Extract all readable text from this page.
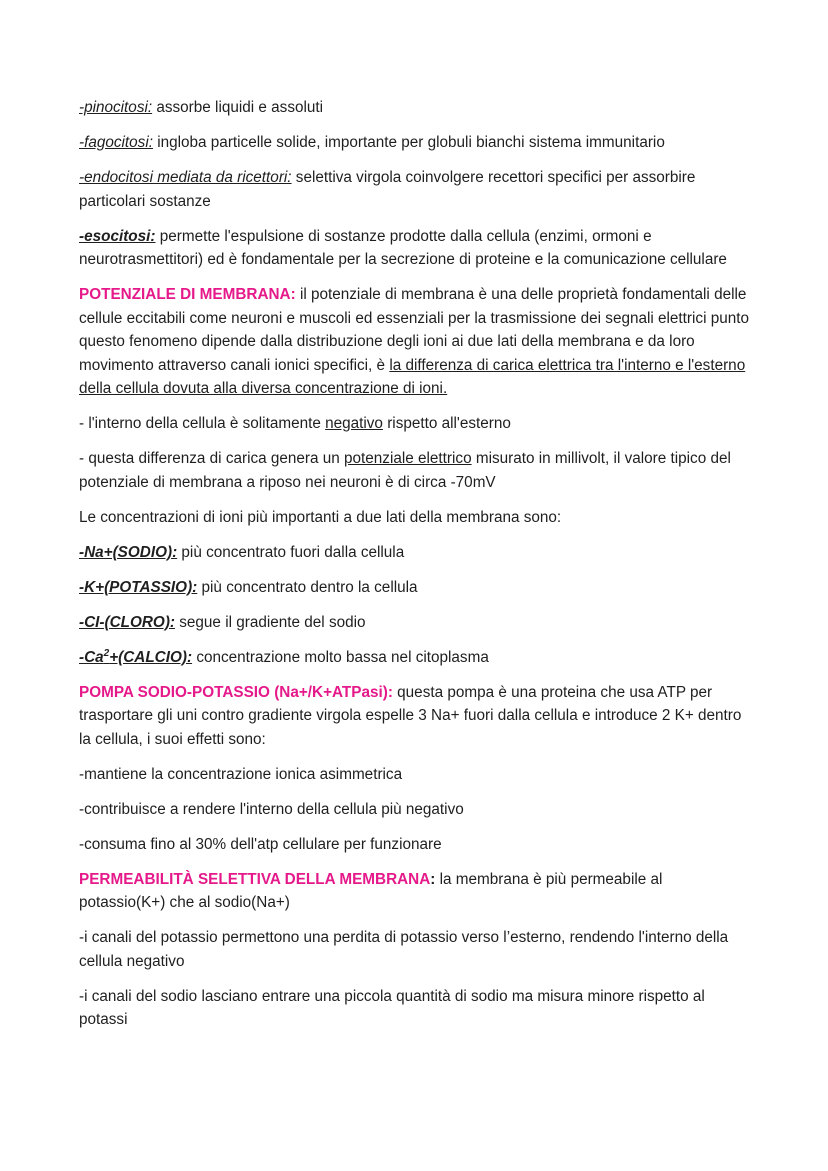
-pinocitosi: assorbe liquidi e assoluti

-fagocitosi: ingloba particelle solide, importante per globuli bianchi sistema immunitario

-endocitosi mediata da ricettori: selettiva virgola coinvolgere recettori specifici per assorbire particolari sostanze

-esocitosi: permette l'espulsione di sostanze prodotte dalla cellula (enzimi, ormoni e neurotrasmettitori) ed è fondamentale per la secrezione di proteine e la comunicazione cellulare

POTENZIALE DI MEMBRANA: il potenziale di membrana è una delle proprietà fondamentali delle cellule eccitabili come neuroni e muscoli ed essenziali per la trasmissione dei segnali elettrici punto questo fenomeno dipende dalla distribuzione degli ioni ai due lati della membrana e da loro movimento attraverso canali ionici specifici, è la differenza di carica elettrica tra l'interno e l'esterno della cellula dovuta alla diversa concentrazione di ioni.

- l'interno della cellula è solitamente negativo rispetto all'esterno

- questa differenza di carica genera un potenziale elettrico misurato in millivolt, il valore tipico del potenziale di membrana a riposo nei neuroni è di circa -70mV

Le concentrazioni di ioni più importanti a due lati della membrana sono:

-Na+(SODIO): più concentrato fuori dalla cellula

-K+(POTASSIO): più concentrato dentro la cellula

-CI-(CLORO): segue il gradiente del sodio

$-Ca^2+(CALCIO)$: concentrazione molto bassa nel citoplasma

POMPA SODIO-POTASSIO (Na+/K+ATPasi): questa pompa è una proteina che usa ATP per trasportare gli uni contro gradiente virgola espelle 3 Na+ fuori dalla cellula e introduce 2 K+ dentro la cellula, i suoi effetti sono:

-mantiene la concentrazione ionica asimmetrica

-contribuisce a rendere l'interno della cellula più negativo

-consuma fino al 30% dell'atp cellulare per funzionare

PERMEABILITÀ SELETTIVA DELLA MEMBRANA: la membrana è più permeabile al potassio(K+) che al sodio(Na+)

-i canali del potassio permettono una perdita di potassio verso l’esterno, rendendo l'interno della cellula negativo

-i canali del sodio lasciano entrare una piccola quantità di sodio ma misura minore rispetto al potassi
